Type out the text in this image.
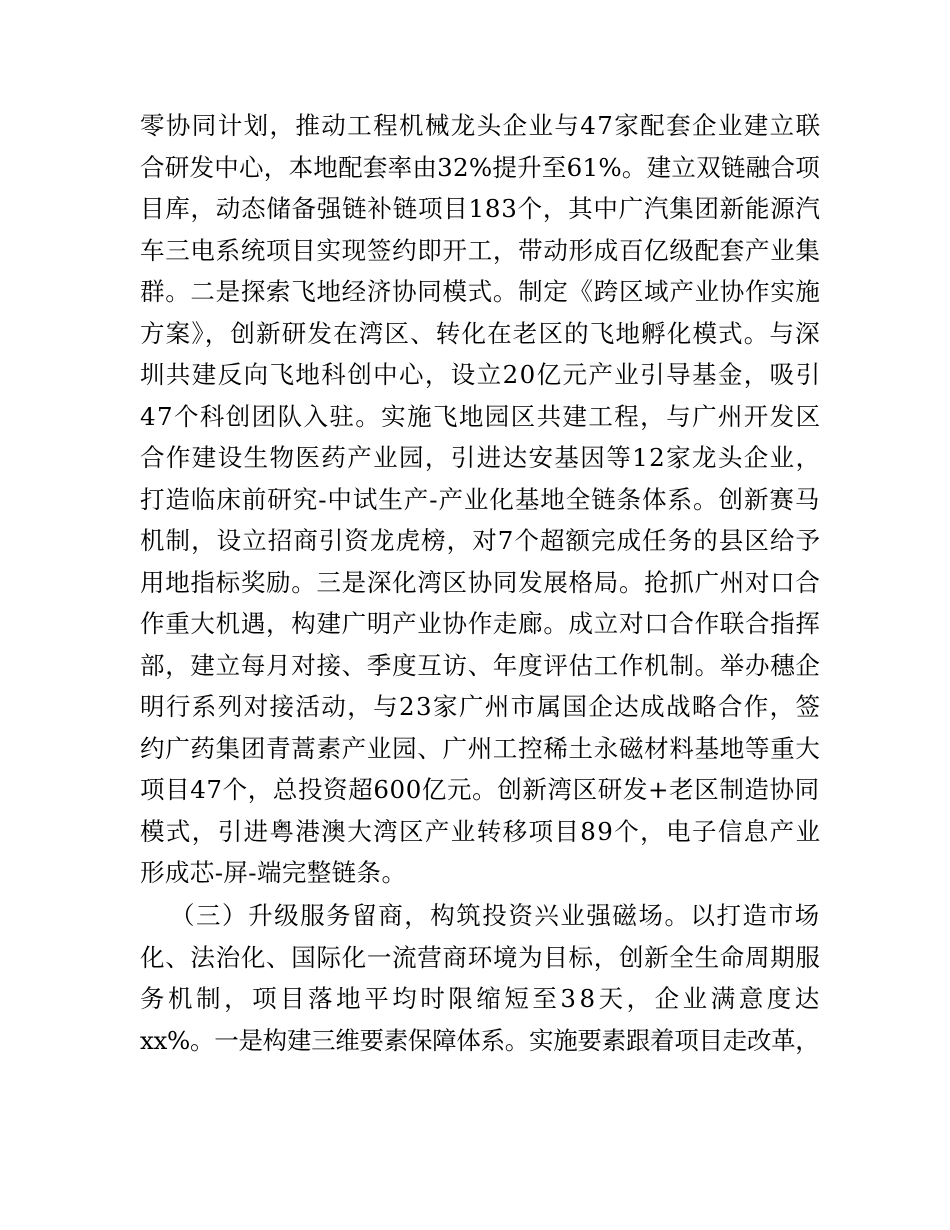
零协同计划，推动工程机械龙头企业与47家配套企业建立联
合研发中心，本地配套率由32%提升至61%。建立双链融合项
目库，动态储备强链补链项目183个，其中广汽集团新能源汽
车三电系统项目实现签约即开工，带动形成百亿级配套产业集
群。二是探索飞地经济协同模式。制定《跨区域产业协作实施
方案》，创新研发在湾区、转化在老区的飞地孵化模式。与深
圳共建反向飞地科创中心，设立20亿元产业引导基金，吸引
47个科创团队入驻。实施飞地园区共建工程，与广州开发区
合作建设生物医药产业园，引进达安基因等12家龙头企业，
打造临床前研究-中试生产-产业化基地全链条体系。创新赛马
机制，设立招商引资龙虎榜，对7个超额完成任务的县区给予
用地指标奖励。三是深化湾区协同发展格局。抢抓广州对口合
作重大机遇，构建广明产业协作走廊。成立对口合作联合指挥
部，建立每月对接、季度互访、年度评估工作机制。举办穗企
明行系列对接活动，与23家广州市属国企达成战略合作，签
约广药集团青蒿素产业园、广州工控稀土永磁材料基地等重大
项目47个，总投资超600亿元。创新湾区研发+老区制造协同
模式，引进粤港澳大湾区产业转移项目89个，电子信息产业
形成芯-屏-端完整链条。
（三）升级服务留商，构筑投资兴业强磁场。以打造市场
化、法治化、国际化一流营商环境为目标，创新全生命周期服
务机制，项目落地平均时限缩短至38天，企业满意度达
xx%。一是构建三维要素保障体系。实施要素跟着项目走改革，
